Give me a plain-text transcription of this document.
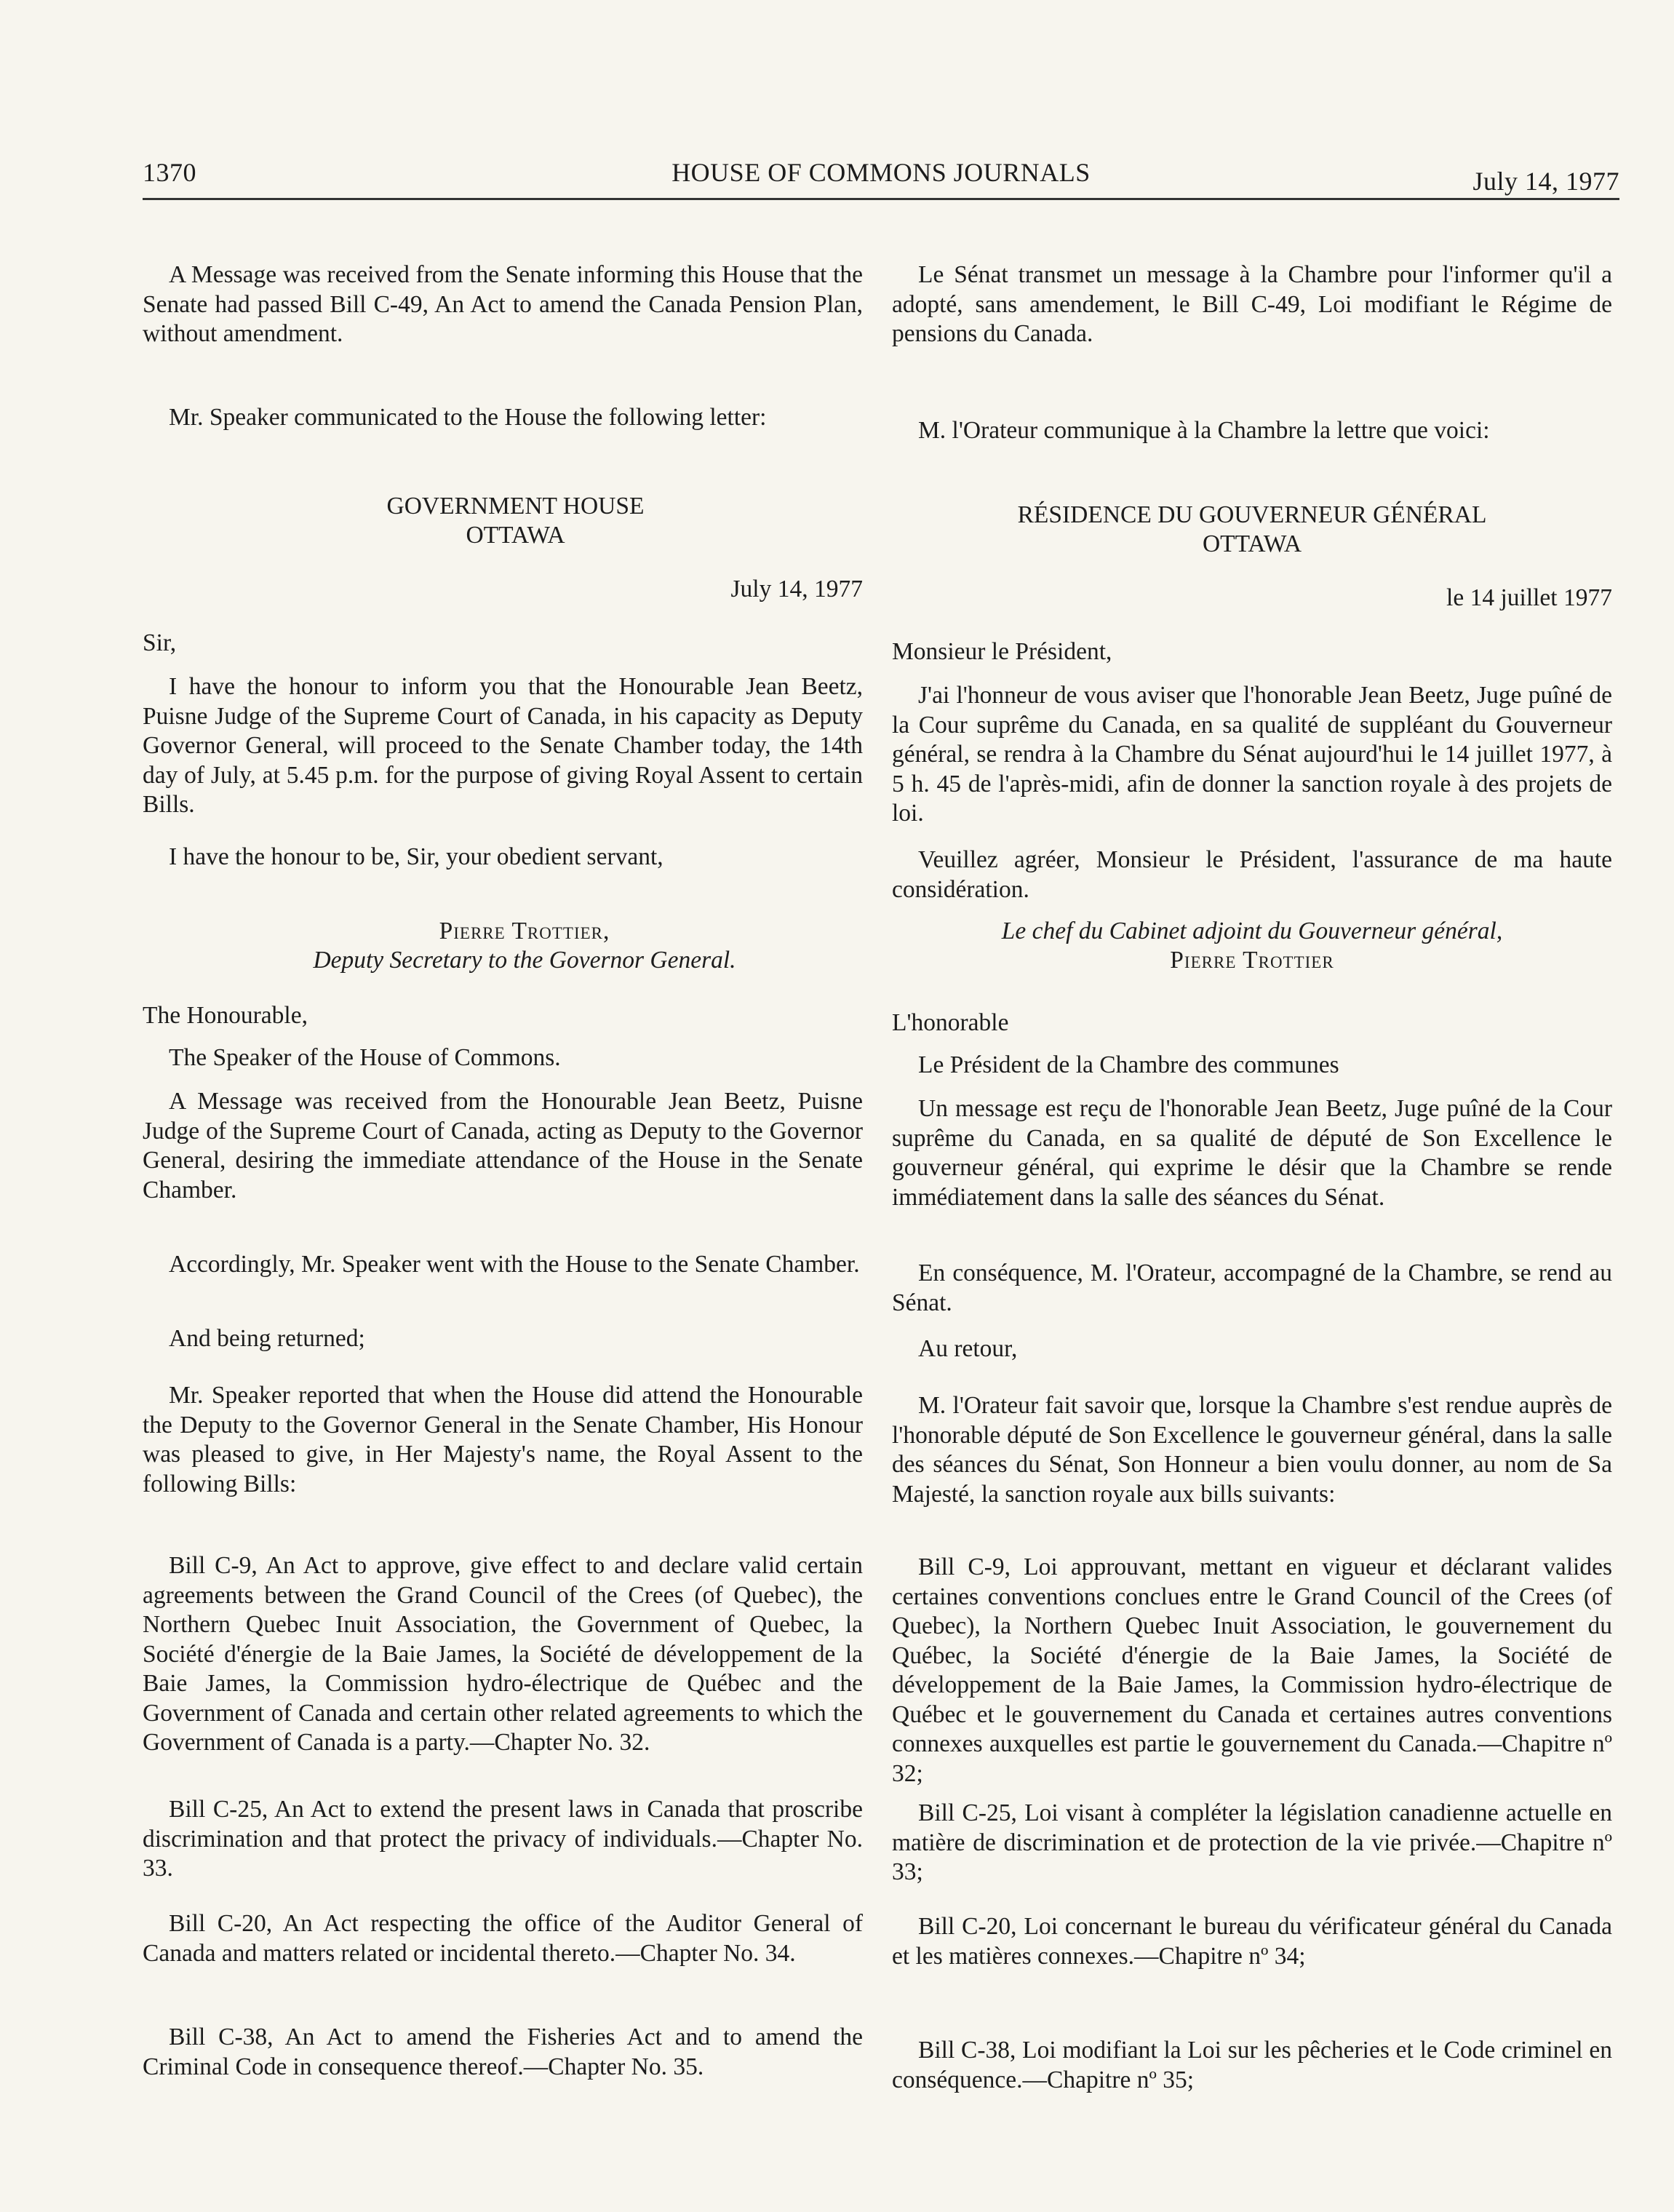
1370	HOUSE OF COMMONS JOURNALS	July 14, 1977
A Message was received from the Senate informing this House that the Senate had passed Bill C-49, An Act to amend the Canada Pension Plan, without amendment.
Mr. Speaker communicated to the House the following letter:
GOVERNMENT HOUSE
OTTAWA
July 14, 1977
Sir,
I have the honour to inform you that the Honourable Jean Beetz, Puisne Judge of the Supreme Court of Canada, in his capacity as Deputy Governor General, will proceed to the Senate Chamber today, the 14th day of July, at 5.45 p.m. for the purpose of giving Royal Assent to certain Bills.
I have the honour to be, Sir, your obedient servant,
Pierre Trottier,
Deputy Secretary to the Governor General.
The Honourable,
The Speaker of the House of Commons.
A Message was received from the Honourable Jean Beetz, Puisne Judge of the Supreme Court of Canada, acting as Deputy to the Governor General, desiring the immediate attendance of the House in the Senate Chamber.
Accordingly, Mr. Speaker went with the House to the Senate Chamber.
And being returned;
Mr. Speaker reported that when the House did attend the Honourable the Deputy to the Governor General in the Senate Chamber, His Honour was pleased to give, in Her Majesty's name, the Royal Assent to the following Bills:
Bill C-9, An Act to approve, give effect to and declare valid certain agreements between the Grand Council of the Crees (of Quebec), the Northern Quebec Inuit Association, the Government of Quebec, la Société d'énergie de la Baie James, la Société de développement de la Baie James, la Commission hydro-électrique de Québec and the Government of Canada and certain other related agreements to which the Government of Canada is a party.—Chapter No. 32.
Bill C-25, An Act to extend the present laws in Canada that proscribe discrimination and that protect the privacy of individuals.—Chapter No. 33.
Bill C-20, An Act respecting the office of the Auditor General of Canada and matters related or incidental thereto.—Chapter No. 34.
Bill C-38, An Act to amend the Fisheries Act and to amend the Criminal Code in consequence thereof.—Chapter No. 35.
Le Sénat transmet un message à la Chambre pour l'informer qu'il a adopté, sans amendement, le Bill C-49, Loi modifiant le Régime de pensions du Canada.
M. l'Orateur communique à la Chambre la lettre que voici:
RÉSIDENCE DU GOUVERNEUR GÉNÉRAL
OTTAWA
le 14 juillet 1977
Monsieur le Président,
J'ai l'honneur de vous aviser que l'honorable Jean Beetz, Juge puîné de la Cour suprême du Canada, en sa qualité de suppléant du Gouverneur général, se rendra à la Chambre du Sénat aujourd'hui le 14 juillet 1977, à 5 h. 45 de l'après-midi, afin de donner la sanction royale à des projets de loi.
Veuillez agréer, Monsieur le Président, l'assurance de ma haute considération.
Le chef du Cabinet adjoint du Gouverneur général,
Pierre Trottier
L'honorable
Le Président de la Chambre des communes
Un message est reçu de l'honorable Jean Beetz, Juge puîné de la Cour suprême du Canada, en sa qualité de député de Son Excellence le gouverneur général, qui exprime le désir que la Chambre se rende immédiatement dans la salle des séances du Sénat.
En conséquence, M. l'Orateur, accompagné de la Chambre, se rend au Sénat.
Au retour,
M. l'Orateur fait savoir que, lorsque la Chambre s'est rendue auprès de l'honorable député de Son Excellence le gouverneur général, dans la salle des séances du Sénat, Son Honneur a bien voulu donner, au nom de Sa Majesté, la sanction royale aux bills suivants:
Bill C-9, Loi approuvant, mettant en vigueur et déclarant valides certaines conventions conclues entre le Grand Council of the Crees (of Quebec), la Northern Quebec Inuit Association, le gouvernement du Québec, la Société d'énergie de la Baie James, la Société de développement de la Baie James, la Commission hydro-électrique de Québec et le gouvernement du Canada et certaines autres conventions connexes auxquelles est partie le gouvernement du Canada.—Chapitre nº 32;
Bill C-25, Loi visant à compléter la législation canadienne actuelle en matière de discrimination et de protection de la vie privée.—Chapitre nº 33;
Bill C-20, Loi concernant le bureau du vérificateur général du Canada et les matières connexes.—Chapitre nº 34;
Bill C-38, Loi modifiant la Loi sur les pêcheries et le Code criminel en conséquence.—Chapitre nº 35;
